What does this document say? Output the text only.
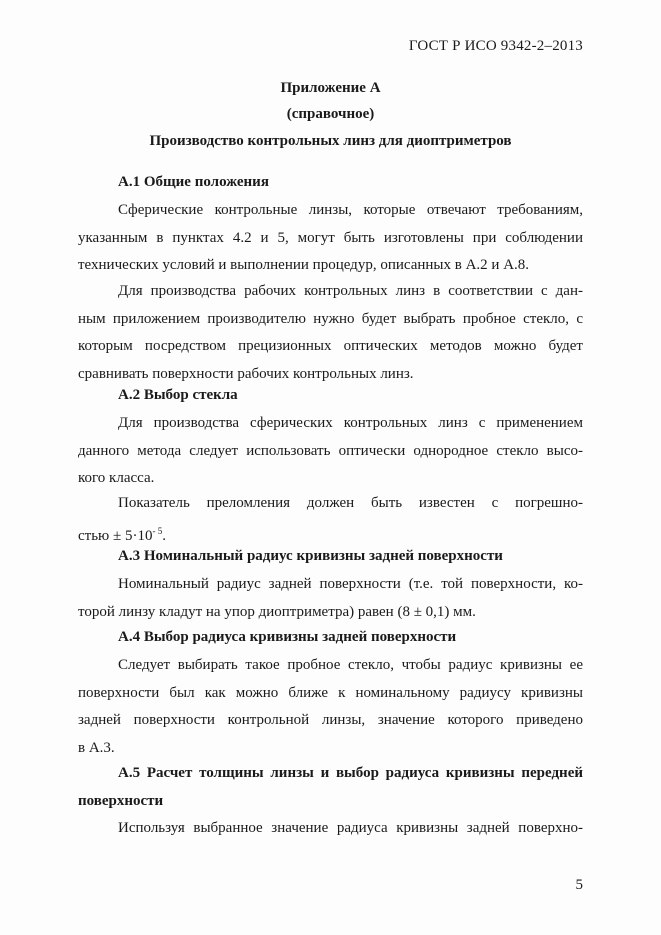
ГОСТ Р ИСО 9342-2–2013
Приложение А
(справочное)
Производство контрольных линз для диоптриметров
А.1 Общие положения
Сферические контрольные линзы, которые отвечают требованиям,
указанным в пунктах 4.2 и 5, могут быть изготовлены при соблюдении
технических условий и выполнении процедур, описанных в А.2 и А.8.
Для производства рабочих контрольных линз в соответствии с дан-
ным приложением производителю нужно будет выбрать пробное стекло, с
которым посредством прецизионных оптических методов можно будет
сравнивать поверхности рабочих контрольных линз.
А.2 Выбор стекла
Для производства сферических контрольных линз с применением
данного метода следует использовать оптически однородное стекло высо-
кого класса.
Показатель преломления должен быть известен с погрешно-
стью ± $5\cdot 10^{- 5}$.
А.3 Номинальный радиус кривизны задней поверхности
Номинальный радиус задней поверхности (т.е. той поверхности, ко-
торой линзу кладут на упор диоптриметра) равен (8 ± 0,1) мм.
А.4 Выбор радиуса кривизны задней поверхности
Следует выбирать такое пробное стекло, чтобы радиус кривизны ее
поверхности был как можно ближе к номинальному радиусу кривизны
задней поверхности контрольной линзы, значение которого приведено
в А.3.
А.5 Расчет толщины линзы и выбор радиуса кривизны передней
поверхности
Используя выбранное значение радиуса кривизны задней поверхно-
5
